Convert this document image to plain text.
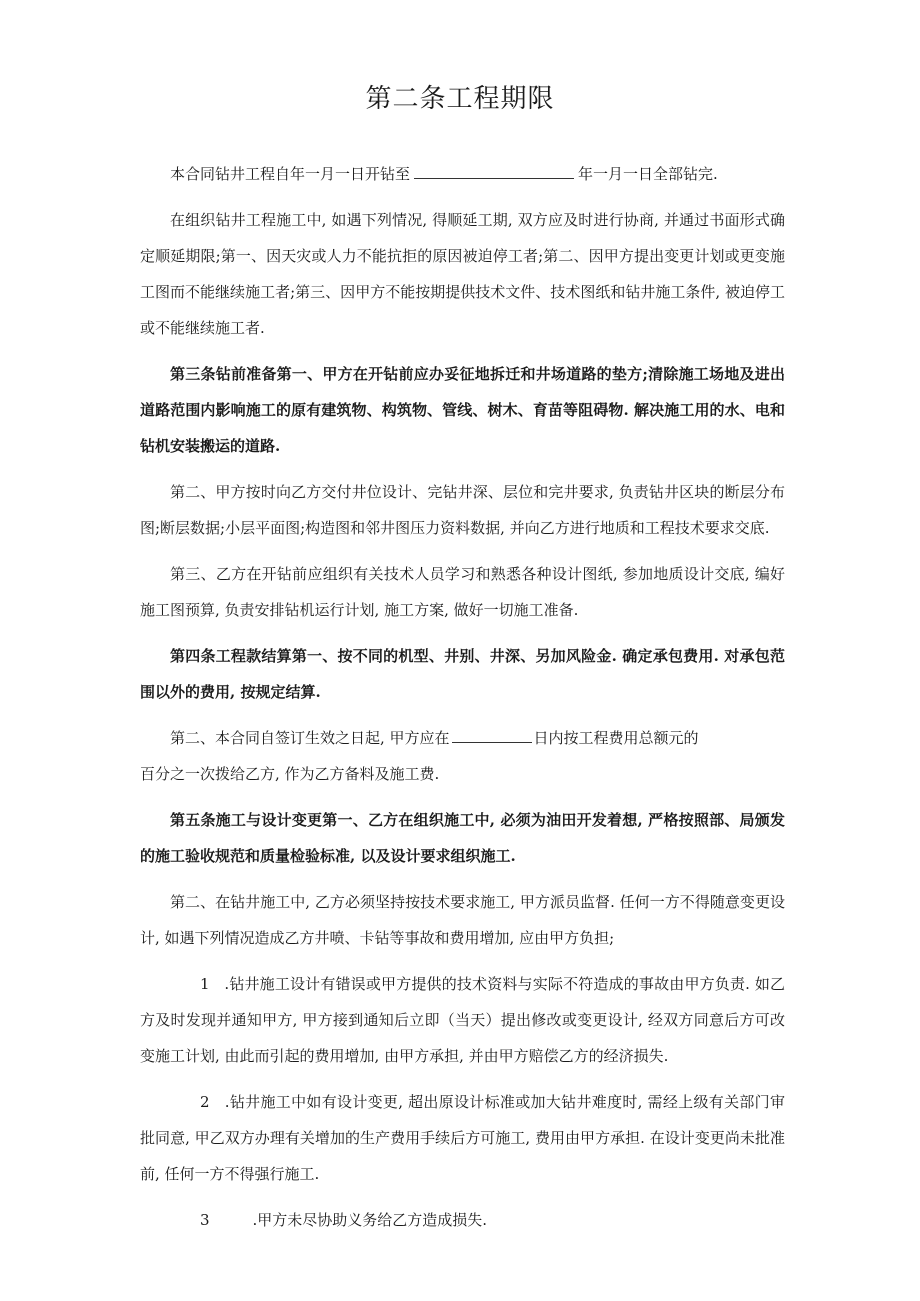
第二条工程期限

本合同钻井工程自年一月一日开钻至	年一月一日全部钻完.

在组织钻井工程施工中, 如遇下列情况, 得顺延工期, 双方应及时进行协商, 并通过书面形式确定顺延期限;第一、因天灾或人力不能抗拒的原因被迫停工者;第二、因甲方提出变更计划或更变施工图而不能继续施工者;第三、因甲方不能按期提供技术文件、技术图纸和钻井施工条件, 被迫停工或不能继续施工者.

第三条钻前准备第一、甲方在开钻前应办妥征地拆迁和井场道路的垫方;清除施工场地及进出道路范围内影响施工的原有建筑物、构筑物、管线、树木、育苗等阻碍物. 解决施工用的水、电和钻机安装搬运的道路.

第二、甲方按时向乙方交付井位设计、完钻井深、层位和完井要求, 负责钻井区块的断层分布图;断层数据;小层平面图;构造图和邻井图压力资料数据, 并向乙方进行地质和工程技术要求交底.

第三、乙方在开钻前应组织有关技术人员学习和熟悉各种设计图纸, 参加地质设计交底, 编好施工图预算, 负责安排钻机运行计划, 施工方案, 做好一切施工准备.

第四条工程款结算第一、按不同的机型、井别、井深、另加风险金. 确定承包费用. 对承包范围以外的费用, 按规定结算.

第二、本合同自签订生效之日起, 甲方应在	日内按工程费用总额元的
百分之一次拨给乙方, 作为乙方备料及施工费.

第五条施工与设计变更第一、乙方在组织施工中, 必须为油田开发着想, 严格按照部、局颁发的施工验收规范和质量检验标准, 以及设计要求组织施工.

第二、在钻井施工中, 乙方必须坚持按技术要求施工, 甲方派员监督. 任何一方不得随意变更设计, 如遇下列情况造成乙方井喷、卡钻等事故和费用增加, 应由甲方负担;

1 .钻井施工设计有错误或甲方提供的技术资料与实际不符造成的事故由甲方负责. 如乙方及时发现并通知甲方, 甲方接到通知后立即（当天）提出修改或变更设计, 经双方同意后方可改变施工计划, 由此而引起的费用增加, 由甲方承担, 并由甲方赔偿乙方的经济损失.

2 .钻井施工中如有设计变更, 超出原设计标准或加大钻井难度时, 需经上级有关部门审批同意, 甲乙双方办理有关增加的生产费用手续后方可施工, 费用由甲方承担. 在设计变更尚未批准前, 任何一方不得强行施工.

3	.甲方未尽协助义务给乙方造成损失.
